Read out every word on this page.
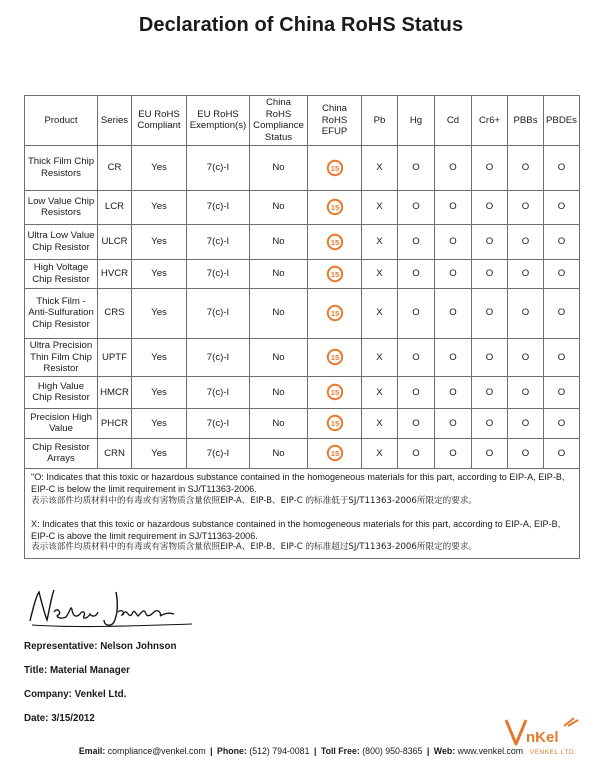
Declaration of China RoHS Status
Product	Series	EU RoHS Compliant	EU RoHS Exemption(s)	China RoHS Compliance Status	China RoHS EFUP	Pb	Hg	Cd	Cr6+	PBBs	PBDEs
Thick Film Chip Resistors	CR	Yes	7(c)-I	No	15	X	O	O	O	O	O
Low Value Chip Resistors	LCR	Yes	7(c)-I	No	15	X	O	O	O	O	O
Ultra Low Value Chip Resistor	ULCR	Yes	7(c)-I	No	15	X	O	O	O	O	O
High Voltage Chip Resistor	HVCR	Yes	7(c)-I	No	15	X	O	O	O	O	O
Thick Film - Anti-Sulfuration Chip Resistor	CRS	Yes	7(c)-I	No	15	X	O	O	O	O	O
Ultra Precision Thin Film Chip Resistor	UPTF	Yes	7(c)-I	No	15	X	O	O	O	O	O
High Value Chip Resistor	HMCR	Yes	7(c)-I	No	15	X	O	O	O	O	O
Precision High Value	PHCR	Yes	7(c)-I	No	15	X	O	O	O	O	O
Chip Resistor Arrays	CRN	Yes	7(c)-I	No	15	X	O	O	O	O	O

"O: Indicates that this toxic or hazardous substance contained in the homogeneous materials for this part, according to EIP-A, EIP-B, EIP-C is below the limit requirement in SJ/T11363-2006.
表示该部件均质材料中的有毒或有害物质含量依照EIP-A、EIP-B、EIP-C 的标准低于SJ/T11363-2006所限定的要求。
X: Indicates that this toxic or hazardous substance contained in the homogeneous materials for this part, according to EIP-A, EIP-B, EIP-C is above the limit requirement in SJ/T11363-2006.
表示该部件均质材料中的有毒或有害物质含量依照EIP-A、EIP-B、EIP-C 的标准超过SJ/T11363-2006所限定的要求。											
Representative: Nelson Johnson
Title: Material Manager
Company: Venkel Ltd.
Date: 3/15/2012
nKel
VENKEL LTD.
Email: compliance@venkel.com | Phone: (512) 794-0081 | Toll Free: (800) 950-8365 | Web: www.venkel.com
